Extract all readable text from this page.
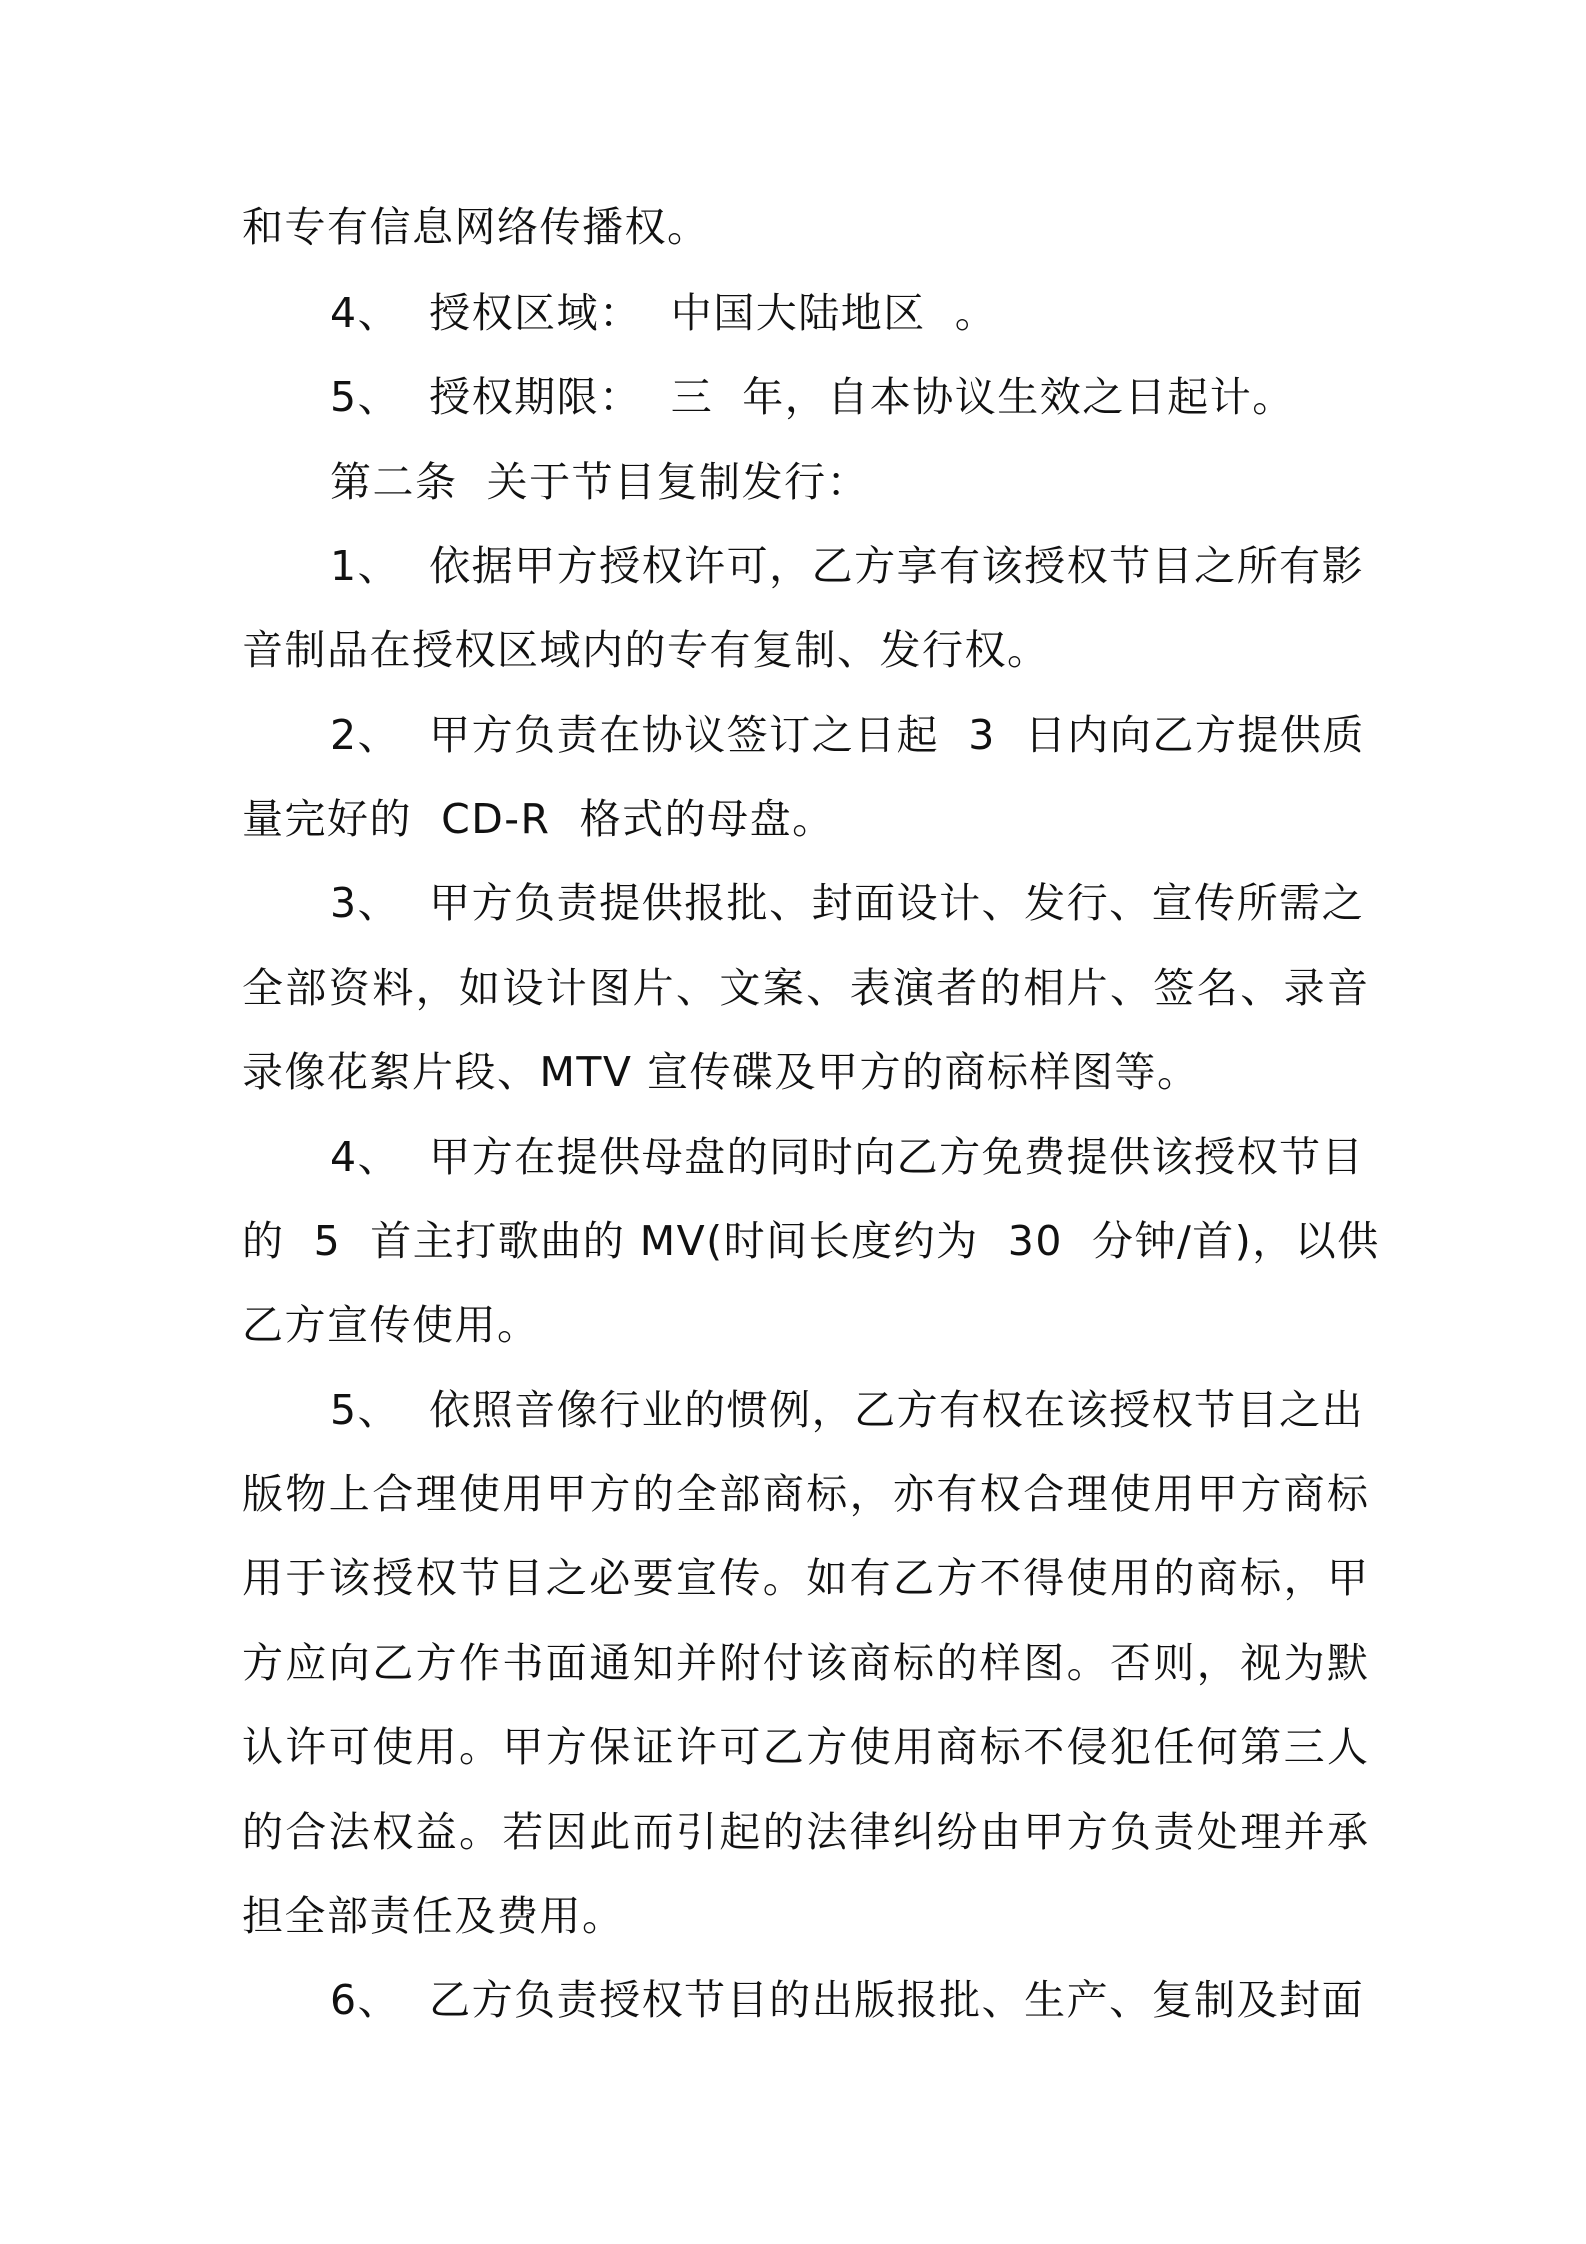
和专有信息网络传播权。
4、  授权区域：  中国大陆地区  。
5、  授权期限：  三  年，自本协议生效之日起计。
第二条  关于节目复制发行：
1、  依据甲方授权许可，乙方享有该授权节目之所有影
音制品在授权区域内的专有复制、发行权。
2、  甲方负责在协议签订之日起  3  日内向乙方提供质
量完好的  CD-R  格式的母盘。
3、  甲方负责提供报批、封面设计、发行、宣传所需之
全部资料，如设计图片、文案、表演者的相片、签名、录音
录像花絮片段、MTV 宣传碟及甲方的商标样图等。
4、  甲方在提供母盘的同时向乙方免费提供该授权节目
的  5  首主打歌曲的 MV(时间长度约为  30  分钟/首)，以供
乙方宣传使用。
5、  依照音像行业的惯例，乙方有权在该授权节目之出
版物上合理使用甲方的全部商标，亦有权合理使用甲方商标
用于该授权节目之必要宣传。如有乙方不得使用的商标，甲
方应向乙方作书面通知并附付该商标的样图。否则，视为默
认许可使用。甲方保证许可乙方使用商标不侵犯任何第三人
的合法权益。若因此而引起的法律纠纷由甲方负责处理并承
担全部责任及费用。
6、  乙方负责授权节目的出版报批、生产、复制及封面
